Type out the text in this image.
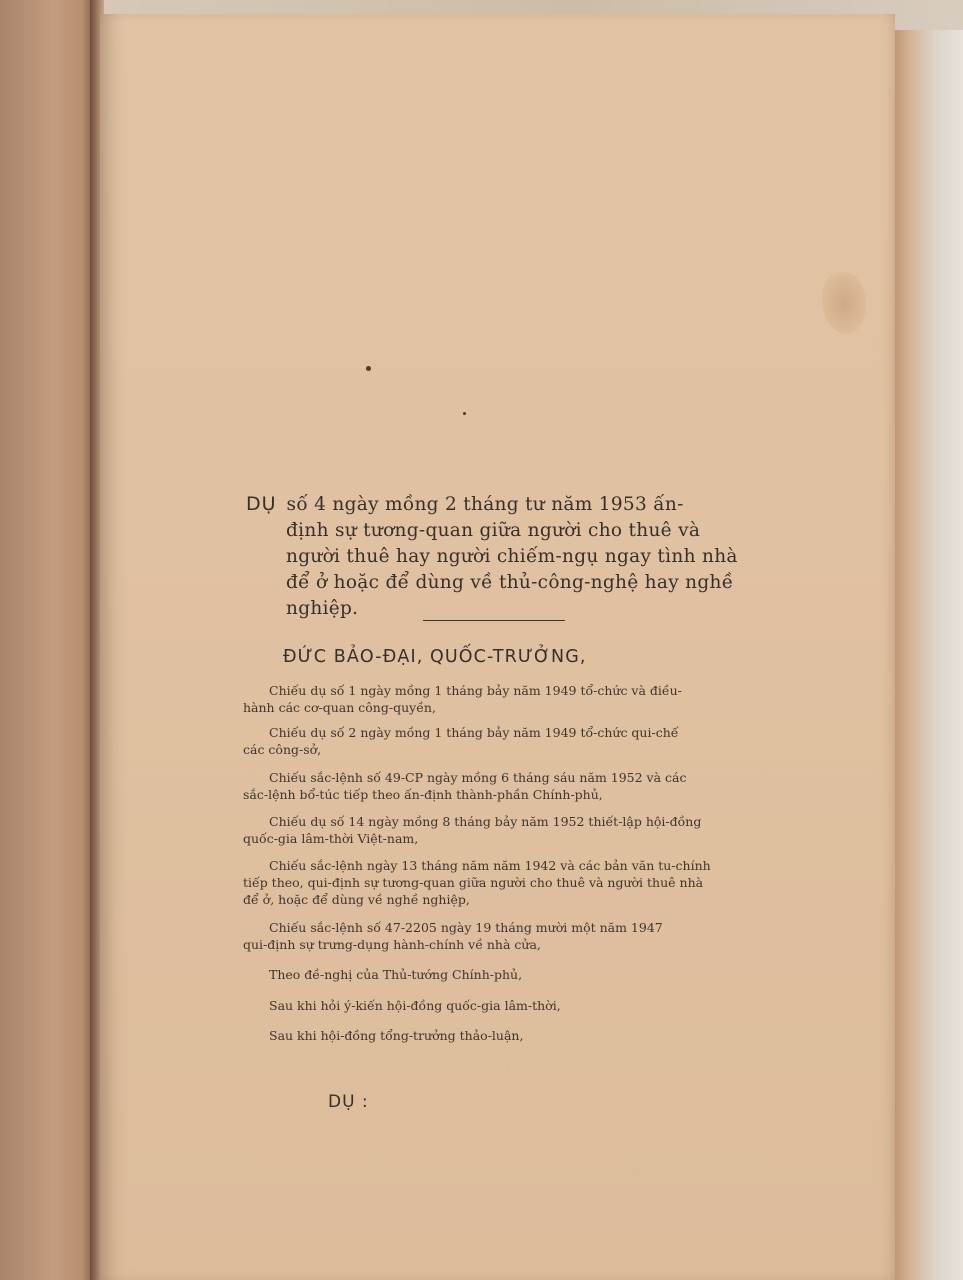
DỤ số 4 ngày mồng 2 tháng tư năm 1953 ấn-
định sự tương-quan giữa người cho thuê và
người thuê hay người chiếm-ngụ ngay tình nhà
để ở hoặc để dùng về thủ-công-nghệ hay nghề
nghiệp.
ĐỨC BẢO-ĐẠI, QUỐC-TRƯỞNG,
Chiếu dụ số 1 ngày mồng 1 tháng bảy năm 1949 tổ-chức và điều-
hành các cơ-quan công-quyền,
Chiếu dụ số 2 ngày mồng 1 tháng bảy năm 1949 tổ-chức qui-chế
các công-sở,
Chiếu sắc-lệnh số 49-CP ngày mồng 6 tháng sáu năm 1952 và các
sắc-lệnh bổ-túc tiếp theo ấn-định thành-phần Chính-phủ,
Chiếu dụ số 14 ngày mồng 8 tháng bảy năm 1952 thiết-lập hội-đồng
quốc-gia lâm-thời Việt-nam,
Chiếu sắc-lệnh ngày 13 tháng năm năm 1942 và các bản văn tu-chính
tiếp theo, qui-định sự tương-quan giữa người cho thuê và người thuê nhà
để ở, hoặc để dùng về nghề nghiệp,
Chiếu sắc-lệnh số 47-2205 ngày 19 tháng mười một năm 1947
qui-định sự trưng-dụng hành-chính về nhà cửa,
Theo đề-nghị của Thủ-tướng Chính-phủ,
Sau khi hỏi ý-kiến hội-đồng quốc-gia lâm-thời,
Sau khi hội-đồng tổng-trưởng thảo-luận,
DỤ :
